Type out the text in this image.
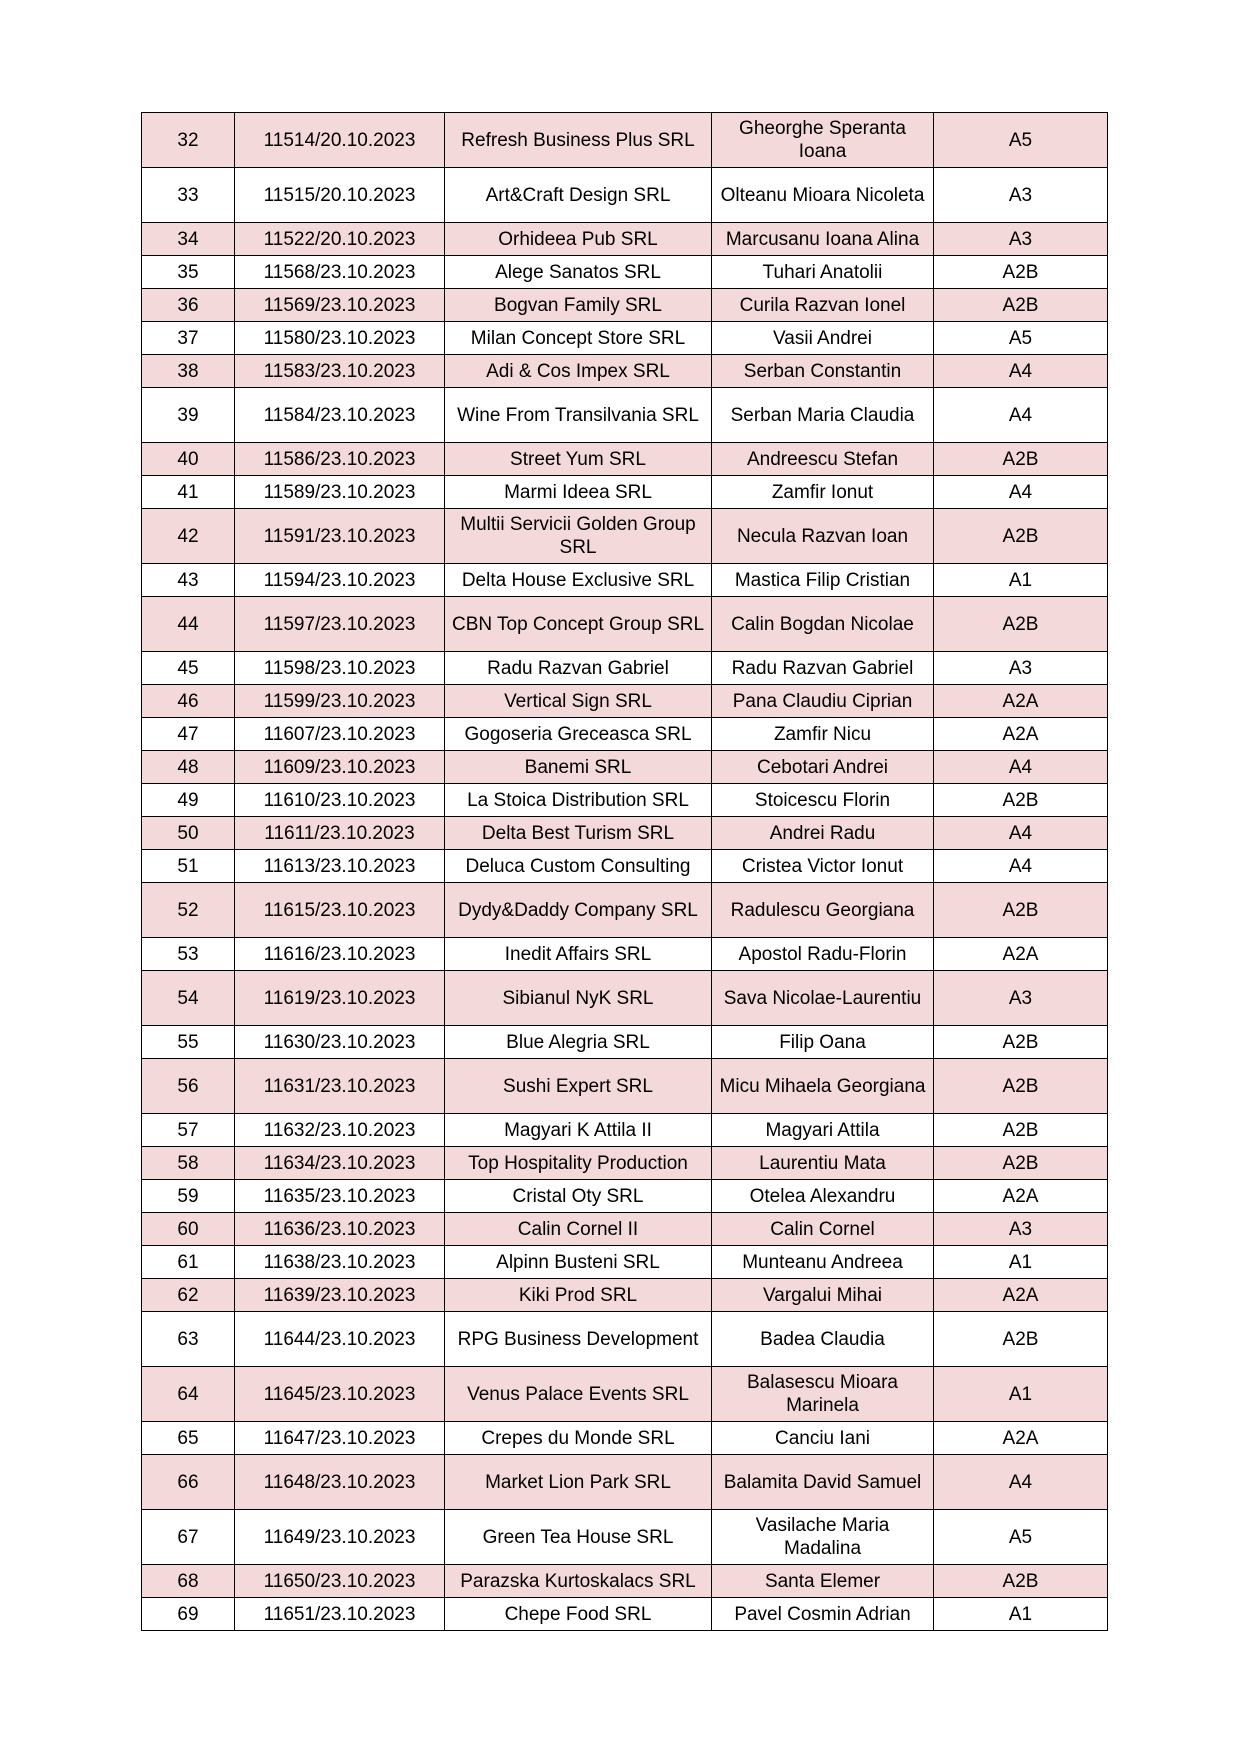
32	11514/20.10.2023	Refresh Business Plus SRL	Gheorghe Speranta Ioana	A5
33	11515/20.10.2023	Art&Craft Design SRL	Olteanu Mioara Nicoleta	A3
34	11522/20.10.2023	Orhideea Pub SRL	Marcusanu Ioana Alina	A3
35	11568/23.10.2023	Alege Sanatos SRL	Tuhari Anatolii	A2B
36	11569/23.10.2023	Bogvan Family SRL	Curila Razvan Ionel	A2B
37	11580/23.10.2023	Milan Concept Store SRL	Vasii Andrei	A5
38	11583/23.10.2023	Adi & Cos Impex SRL	Serban Constantin	A4
39	11584/23.10.2023	Wine From Transilvania SRL	Serban Maria Claudia	A4
40	11586/23.10.2023	Street Yum SRL	Andreescu Stefan	A2B
41	11589/23.10.2023	Marmi Ideea SRL	Zamfir Ionut	A4
42	11591/23.10.2023	Multii Servicii Golden Group SRL	Necula Razvan Ioan	A2B
43	11594/23.10.2023	Delta House Exclusive SRL	Mastica Filip Cristian	A1
44	11597/23.10.2023	CBN Top Concept Group SRL	Calin Bogdan Nicolae	A2B
45	11598/23.10.2023	Radu Razvan Gabriel	Radu Razvan Gabriel	A3
46	11599/23.10.2023	Vertical Sign SRL	Pana Claudiu Ciprian	A2A
47	11607/23.10.2023	Gogoseria Greceasca SRL	Zamfir Nicu	A2A
48	11609/23.10.2023	Banemi SRL	Cebotari Andrei	A4
49	11610/23.10.2023	La Stoica Distribution SRL	Stoicescu Florin	A2B
50	11611/23.10.2023	Delta Best Turism SRL	Andrei Radu	A4
51	11613/23.10.2023	Deluca Custom Consulting	Cristea Victor Ionut	A4
52	11615/23.10.2023	Dydy&Daddy Company SRL	Radulescu Georgiana	A2B
53	11616/23.10.2023	Inedit Affairs SRL	Apostol Radu-Florin	A2A
54	11619/23.10.2023	Sibianul NyK SRL	Sava Nicolae-Laurentiu	A3
55	11630/23.10.2023	Blue Alegria SRL	Filip Oana	A2B
56	11631/23.10.2023	Sushi Expert SRL	Micu Mihaela Georgiana	A2B
57	11632/23.10.2023	Magyari K Attila II	Magyari Attila	A2B
58	11634/23.10.2023	Top Hospitality Production	Laurentiu Mata	A2B
59	11635/23.10.2023	Cristal Oty SRL	Otelea Alexandru	A2A
60	11636/23.10.2023	Calin Cornel II	Calin Cornel	A3
61	11638/23.10.2023	Alpinn Busteni SRL	Munteanu Andreea	A1
62	11639/23.10.2023	Kiki Prod SRL	Vargalui Mihai	A2A
63	11644/23.10.2023	RPG Business Development	Badea Claudia	A2B
64	11645/23.10.2023	Venus Palace Events SRL	Balasescu Mioara Marinela	A1
65	11647/23.10.2023	Crepes du Monde SRL	Canciu Iani	A2A
66	11648/23.10.2023	Market Lion Park SRL	Balamita David Samuel	A4
67	11649/23.10.2023	Green Tea House SRL	Vasilache Maria Madalina	A5
68	11650/23.10.2023	Parazska Kurtoskalacs SRL	Santa Elemer	A2B
69	11651/23.10.2023	Chepe Food SRL	Pavel Cosmin Adrian	A1
